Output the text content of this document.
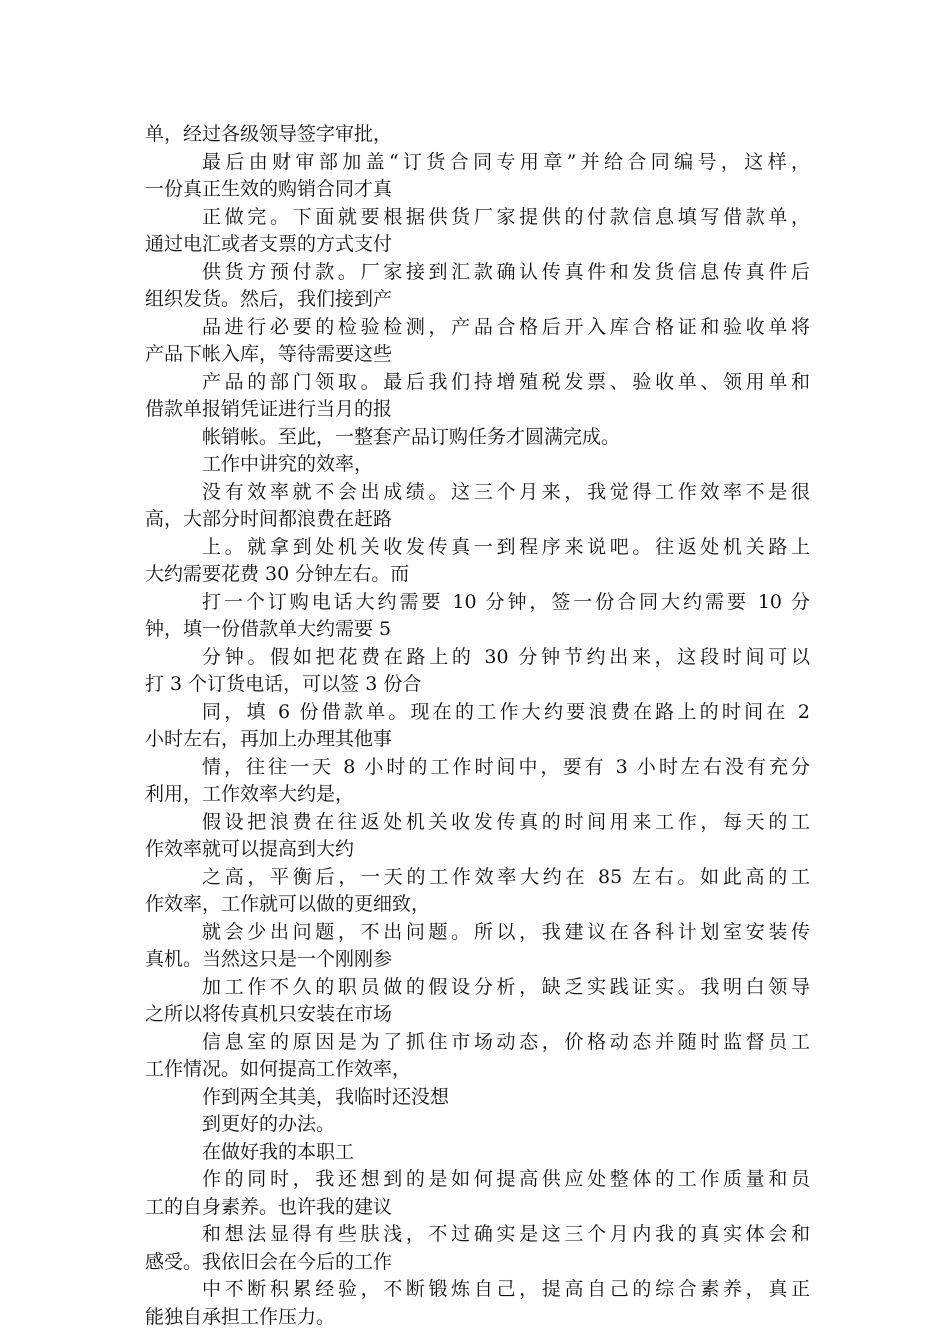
单，经过各级领导签字审批，

最后由财审部加盖“订货合同专用章”并给合同编号，这样，

一份真正生效的购销合同才真

正做完。下面就要根据供货厂家提供的付款信息填写借款单，

通过电汇或者支票的方式支付

供货方预付款。厂家接到汇款确认传真件和发货信息传真件后

组织发货。然后，我们接到产

品进行必要的检验检测，产品合格后开入库合格证和验收单将

产品下帐入库，等待需要这些

产品的部门领取。最后我们持增殖税发票、验收单、领用单和

借款单报销凭证进行当月的报

帐销帐。至此，一整套产品订购任务才圆满完成。

工作中讲究的效率，

没有效率就不会出成绩。这三个月来，我觉得工作效率不是很

高，大部分时间都浪费在赶路

上。就拿到处机关收发传真一到程序来说吧。往返处机关路上

大约需要花费 30 分钟左右。而

打一个订购电话大约需要 10 分钟，签一份合同大约需要 10 分

钟，填一份借款单大约需要 5

分钟。假如把花费在路上的 30 分钟节约出来，这段时间可以

打 3 个订货电话，可以签 3 份合

同，填 6 份借款单。现在的工作大约要浪费在路上的时间在 2

小时左右，再加上办理其他事

情，往往一天 8 小时的工作时间中，要有 3 小时左右没有充分

利用，工作效率大约是，

假设把浪费在往返处机关收发传真的时间用来工作，每天的工

作效率就可以提高到大约

之高，平衡后，一天的工作效率大约在 85 左右。如此高的工

作效率，工作就可以做的更细致，

就会少出问题，不出问题。所以，我建议在各科计划室安装传

真机。当然这只是一个刚刚参

加工作不久的职员做的假设分析，缺乏实践证实。我明白领导

之所以将传真机只安装在市场

信息室的原因是为了抓住市场动态，价格动态并随时监督员工

工作情况。如何提高工作效率，

作到两全其美，我临时还没想

到更好的办法。

在做好我的本职工

作的同时，我还想到的是如何提高供应处整体的工作质量和员

工的自身素养。也许我的建议

和想法显得有些肤浅，不过确实是这三个月内我的真实体会和

感受。我依旧会在今后的工作

中不断积累经验，不断锻炼自己，提高自己的综合素养，真正

能独自承担工作压力。
